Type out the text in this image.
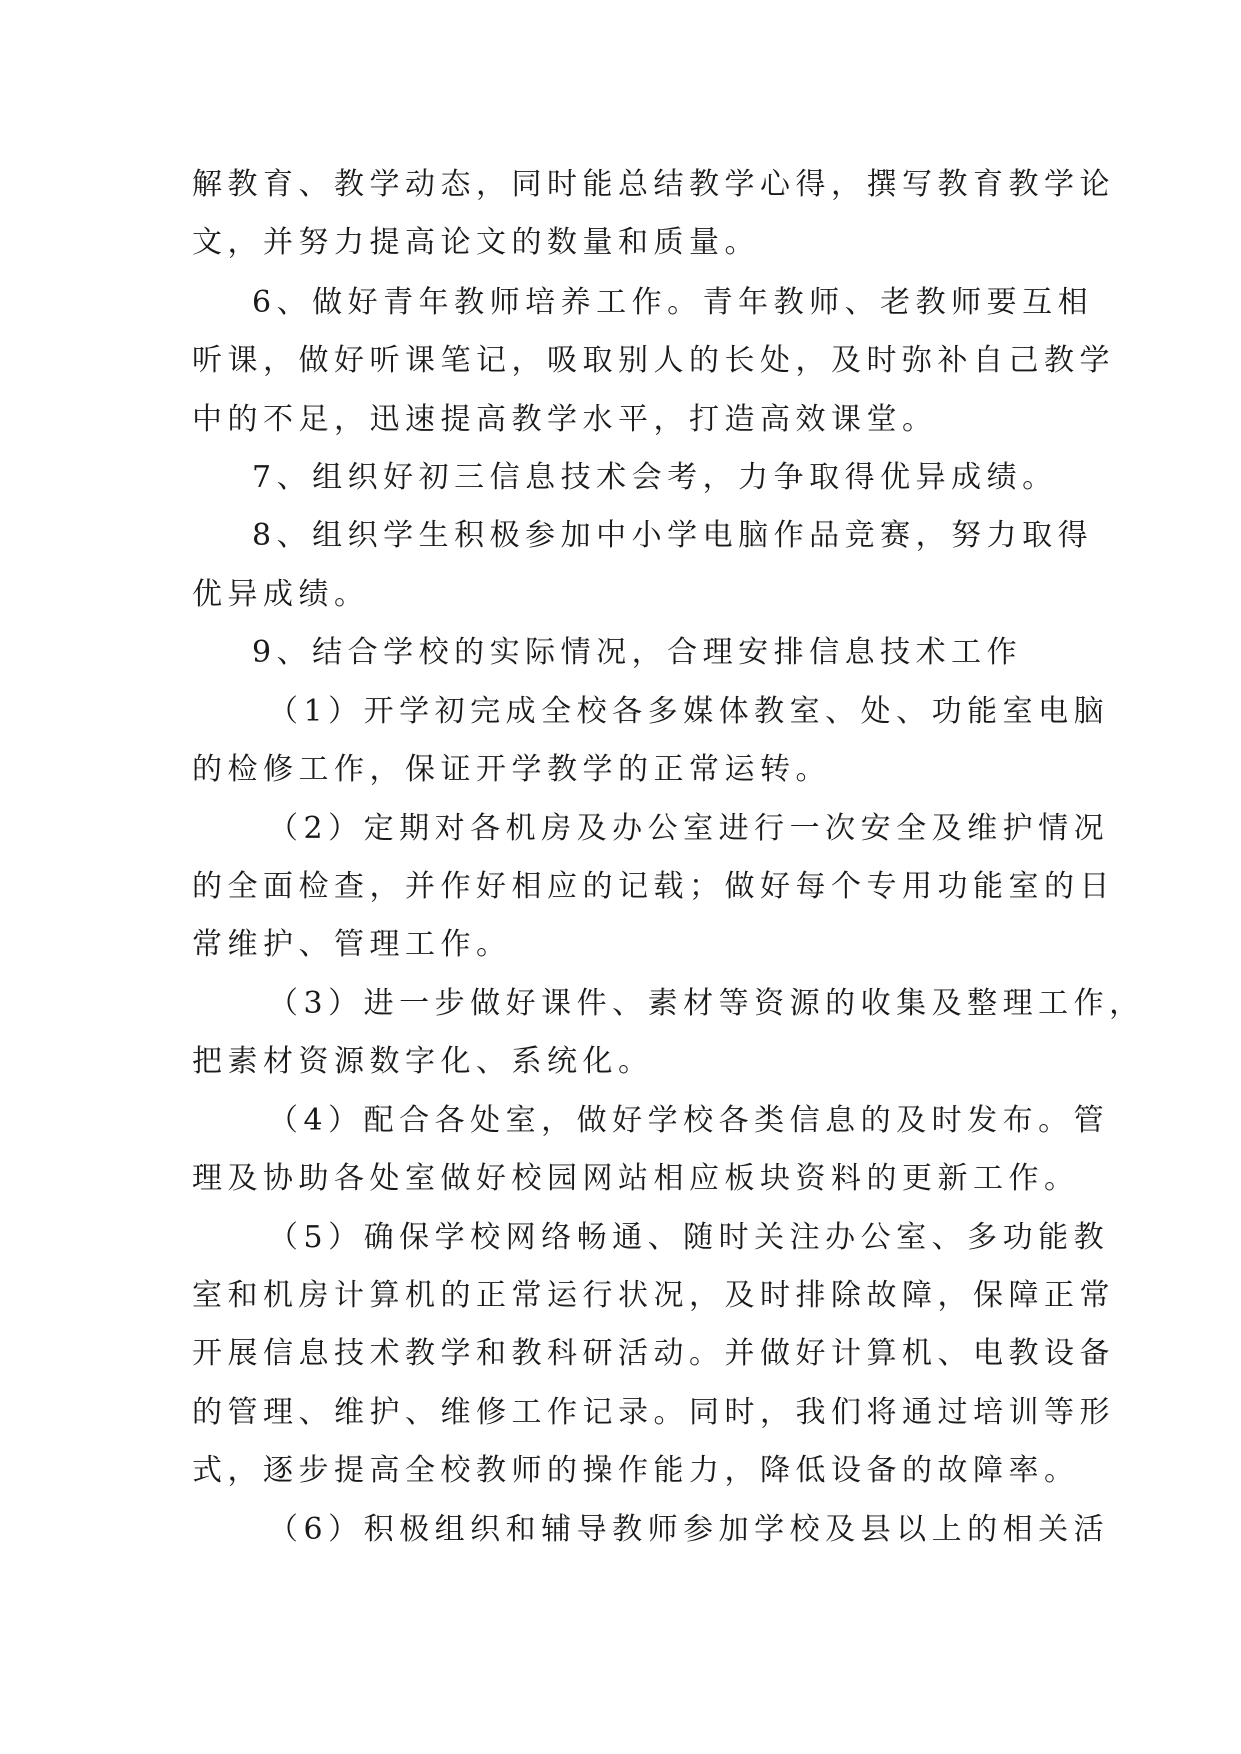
解教育、教学动态，同时能总结教学心得，撰写教育教学论

文，并努力提高论文的数量和质量。

6、做好青年教师培养工作。青年教师、老教师要互相

听课，做好听课笔记，吸取别人的长处，及时弥补自己教学

中的不足，迅速提高教学水平，打造高效课堂。

7、组织好初三信息技术会考，力争取得优异成绩。

8、组织学生积极参加中小学电脑作品竞赛，努力取得

优异成绩。

9、结合学校的实际情况，合理安排信息技术工作

（1）开学初完成全校各多媒体教室、处、功能室电脑

的检修工作，保证开学教学的正常运转。

（2）定期对各机房及办公室进行一次安全及维护情况

的全面检查，并作好相应的记载；做好每个专用功能室的日

常维护、管理工作。

（3）进一步做好课件、素材等资源的收集及整理工作，

把素材资源数字化、系统化。

（4）配合各处室，做好学校各类信息的及时发布。管

理及协助各处室做好校园网站相应板块资料的更新工作。

（5）确保学校网络畅通、随时关注办公室、多功能教

室和机房计算机的正常运行状况，及时排除故障，保障正常

开展信息技术教学和教科研活动。并做好计算机、电教设备

的管理、维护、维修工作记录。同时，我们将通过培训等形

式，逐步提高全校教师的操作能力，降低设备的故障率。

（6）积极组织和辅导教师参加学校及县以上的相关活
